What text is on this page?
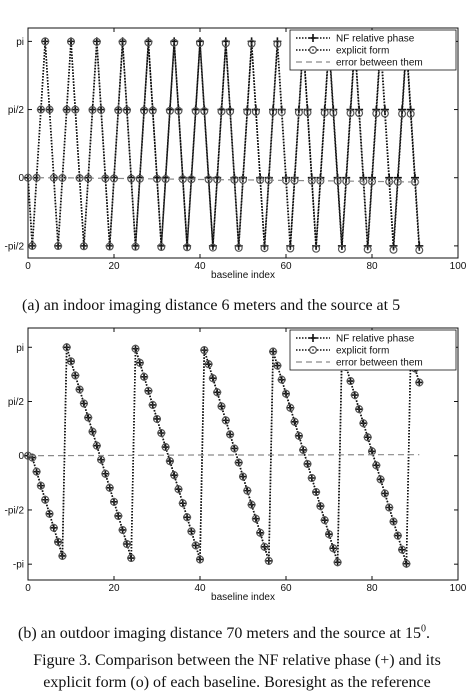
0	20	40	60	80	100
baseline index
-pi/2
0
pi/2
pi	NF relative phase
explicit form
error between them
(a) an indoor imaging distance 6 meters and the source at 5
0	20	40	60	80	100
baseline index
-pi
-pi/2
0
pi/2
pi
NF relative phase
explicit form
error between them
(b) an outdoor imaging distance 70 meters and the source at $15^0$.
Figure 3. Comparison between the NF relative phase (+) and its
explicit form (o) of each baseline. Boresight as the reference
